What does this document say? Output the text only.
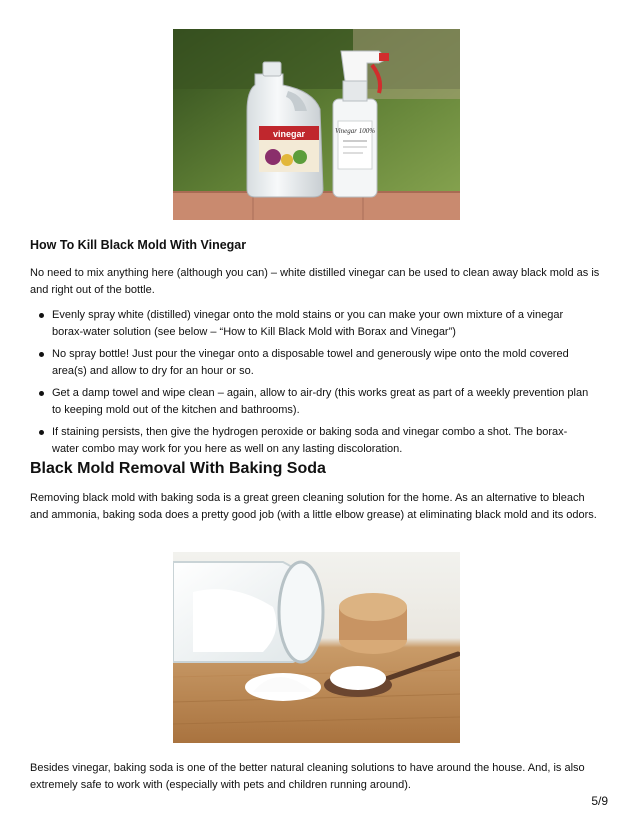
vinegar	Vinegar 100%
How To Kill Black Mold With Vinegar

No need to mix anything here (although you can) – white distilled vinegar can be used to clean away black mold as is and right out of the bottle.

Evenly spray white (distilled) vinegar onto the mold stains or you can make your own mixture of a vinegar borax-water solution (see below – “How to Kill Black Mold with Borax and Vinegar”)
No spray bottle! Just pour the vinegar onto a disposable towel and generously wipe onto the mold covered area(s) and allow to dry for an hour or so.
Get a damp towel and wipe clean – again, allow to air-dry (this works great as part of a weekly prevention plan to keeping mold out of the kitchen and bathrooms).
If staining persists, then give the hydrogen peroxide or baking soda and vinegar combo a shot. The borax-water combo may work for you here as well on any lasting discoloration.
Black Mold Removal With Baking Soda

Removing black mold with baking soda is a great green cleaning solution for the home. As an alternative to bleach and ammonia, baking soda does a pretty good job (with a little elbow grease) at eliminating black mold and its odors.

Besides vinegar, baking soda is one of the better natural cleaning solutions to have around the house. And, is also extremely safe to work with (especially with pets and children running around).

5/9
